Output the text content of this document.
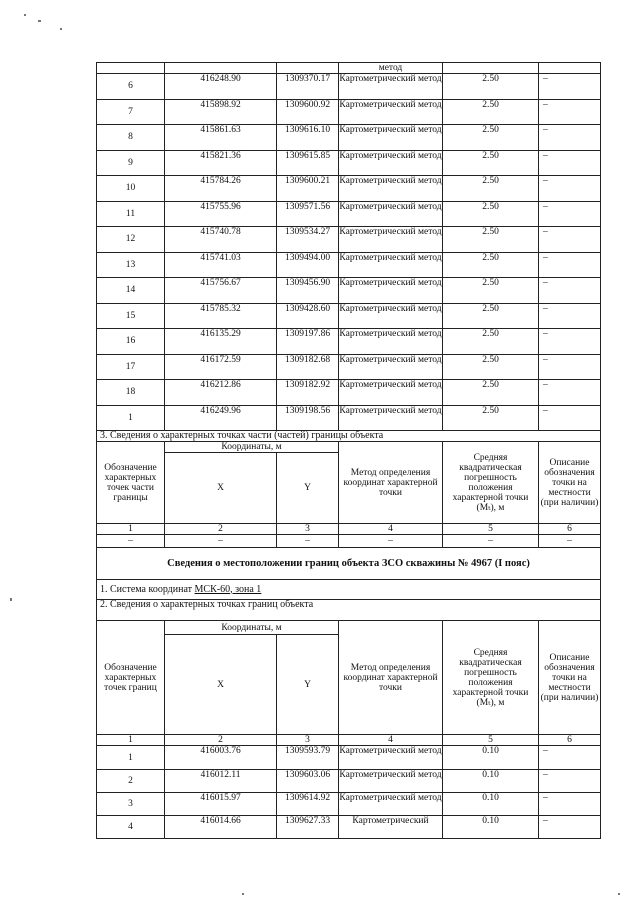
			метод		
6	416248.90	1309370.17	Картометрический метод	2.50	–
7	415898.92	1309600.92	Картометрический метод	2.50	–
8	415861.63	1309616.10	Картометрический метод	2.50	–
9	415821.36	1309615.85	Картометрический метод	2.50	–
10	415784.26	1309600.21	Картометрический метод	2.50	–
11	415755.96	1309571.56	Картометрический метод	2.50	–
12	415740.78	1309534.27	Картометрический метод	2.50	–
13	415741.03	1309494.00	Картометрический метод	2.50	–
14	415756.67	1309456.90	Картометрический метод	2.50	–
15	415785.32	1309428.60	Картометрический метод	2.50	–
16	416135.29	1309197.86	Картометрический метод	2.50	–
17	416172.59	1309182.68	Картометрический метод	2.50	–
18	416212.86	1309182.92	Картометрический метод	2.50	–
1	416249.96	1309198.56	Картометрический метод	2.50	–
3. Сведения о характерных точках части (частей) границы объекта					
Обозначение характерных точек части границы	Координаты, м		Метод определения координат характерной точки	Средняя квадратическая погрешность положения характерной точки (Mₜ), м	Описание обозначения точки на местности (при наличии)
	X	Y			
1	2	3	4	5	6
–	–	–	–	–	–
Сведения о местоположении границ объекта ЗСО скважины № 4967 (I пояс)					
1. Система координат МСК-60, зона 1					
2. Сведения о характерных точках границ объекта					
Обозначение характерных точек границ	Координаты, м		Метод определения координат характерной точки	Средняя квадратическая погрешность положения характерной точки (Mₜ), м	Описание обозначения точки на местности (при наличии)
	X	Y			
1	2	3	4	5	6
1	416003.76	1309593.79	Картометрический метод	0.10	–
2	416012.11	1309603.06	Картометрический метод	0.10	–
3	416015.97	1309614.92	Картометрический метод	0.10	–
4	416014.66	1309627.33	Картометрический	0.10	–
